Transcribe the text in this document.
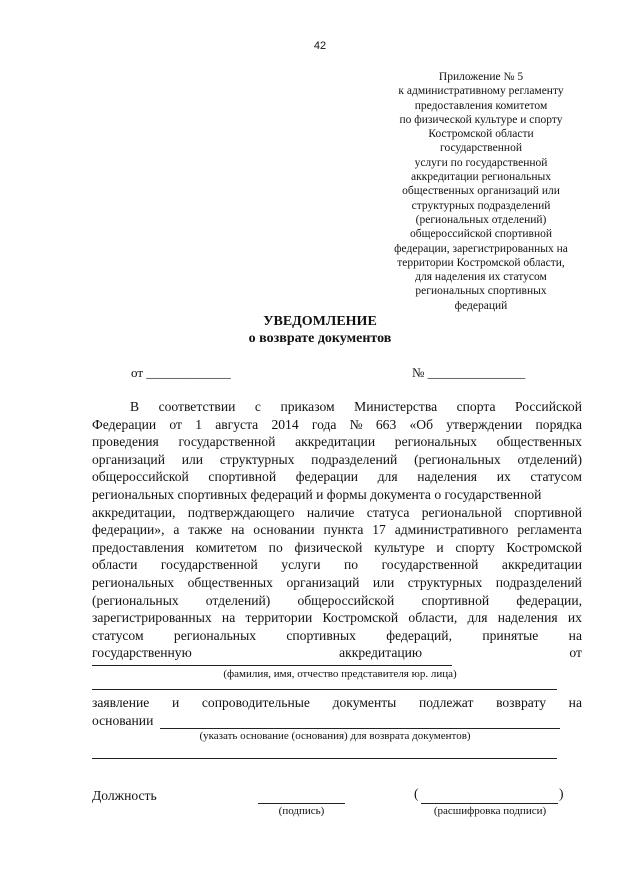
42
Приложение № 5
к административному регламенту
предоставления комитетом
по физической культуре и спорту
Костромской области
государственной
услуги по государственной
аккредитации региональных
общественных организаций или
структурных подразделений
(региональных отделений)
общероссийской спортивной
федерации, зарегистрированных на
территории Костромской области,
для наделения их статусом
региональных спортивных
федераций
УВЕДОМЛЕНИЕ
о возврате документов
от _____________	№ _______________
В соответствии с приказом Министерства спорта Российской
Федерации от 1 августа 2014 года № 663 «Об утверждении порядка
проведения государственной аккредитации региональных общественных
организаций или структурных подразделений (региональных отделений)
общероссийской спортивной федерации для наделения их статусом
региональных спортивных федераций и формы документа о государственной
аккредитации, подтверждающего наличие статуса региональной спортивной
федерации», а также на основании пункта 17 административного регламента
предоставления комитетом по физической культуре и спорту Костромской
области государственной услуги по государственной аккредитации
региональных общественных организаций или структурных подразделений
(региональных отделений) общероссийской спортивной федерации,
зарегистрированных на территории Костромской области, для наделения их
статусом региональных спортивных федераций, принятые на
государственную	аккредитацию	от
(фамилия, имя, отчество представителя юр. лица)
заявление и сопроводительные документы подлежат возврату на
основании
(указать основание (основания) для возврата документов)
Должность
(подпись)
(	)
(расшифровка подписи)
